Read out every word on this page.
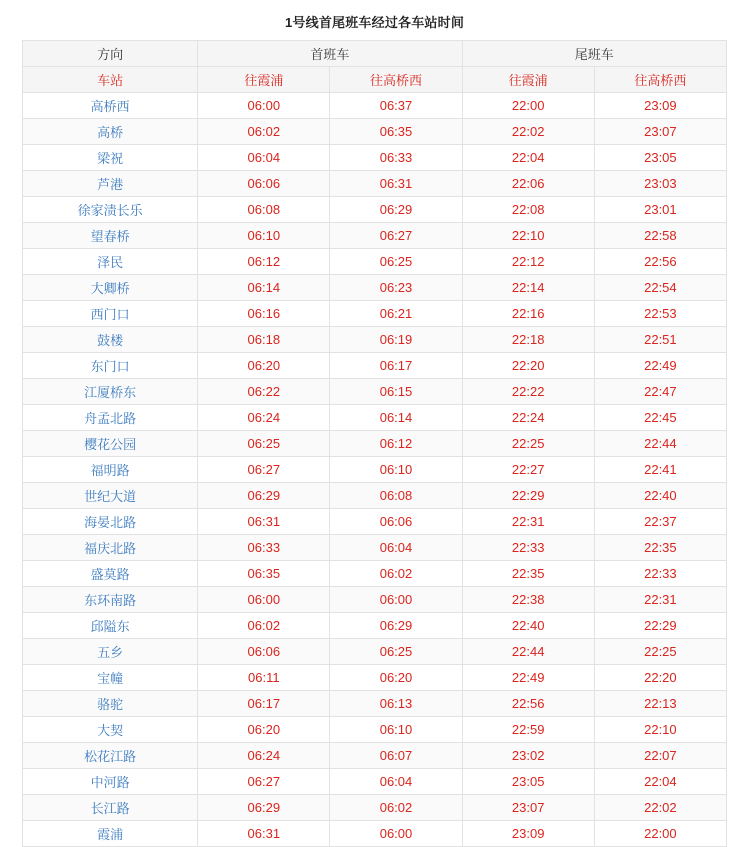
1号线首尾班车经过各车站时间
方向	首班车		尾班车	
车站	往霞浦	往高桥西	往霞浦	往高桥西
高桥西	06:00	06:37	22:00	23:09
高桥	06:02	06:35	22:02	23:07
梁祝	06:04	06:33	22:04	23:05
芦港	06:06	06:31	22:06	23:03
徐家渍长乐	06:08	06:29	22:08	23:01
望春桥	06:10	06:27	22:10	22:58
泽民	06:12	06:25	22:12	22:56
大卿桥	06:14	06:23	22:14	22:54
西门口	06:16	06:21	22:16	22:53
鼓楼	06:18	06:19	22:18	22:51
东门口	06:20	06:17	22:20	22:49
江厦桥东	06:22	06:15	22:22	22:47
舟孟北路	06:24	06:14	22:24	22:45
樱花公园	06:25	06:12	22:25	22:44
福明路	06:27	06:10	22:27	22:41
世纪大道	06:29	06:08	22:29	22:40
海晏北路	06:31	06:06	22:31	22:37
福庆北路	06:33	06:04	22:33	22:35
盛莫路	06:35	06:02	22:35	22:33
东环南路	06:00	06:00	22:38	22:31
邱隘东	06:02	06:29	22:40	22:29
五乡	06:06	06:25	22:44	22:25
宝幢	06:11	06:20	22:49	22:20
骆驼	06:17	06:13	22:56	22:13
大契	06:20	06:10	22:59	22:10
松花江路	06:24	06:07	23:02	22:07
中河路	06:27	06:04	23:05	22:04
长江路	06:29	06:02	23:07	22:02
霞浦	06:31	06:00	23:09	22:00
